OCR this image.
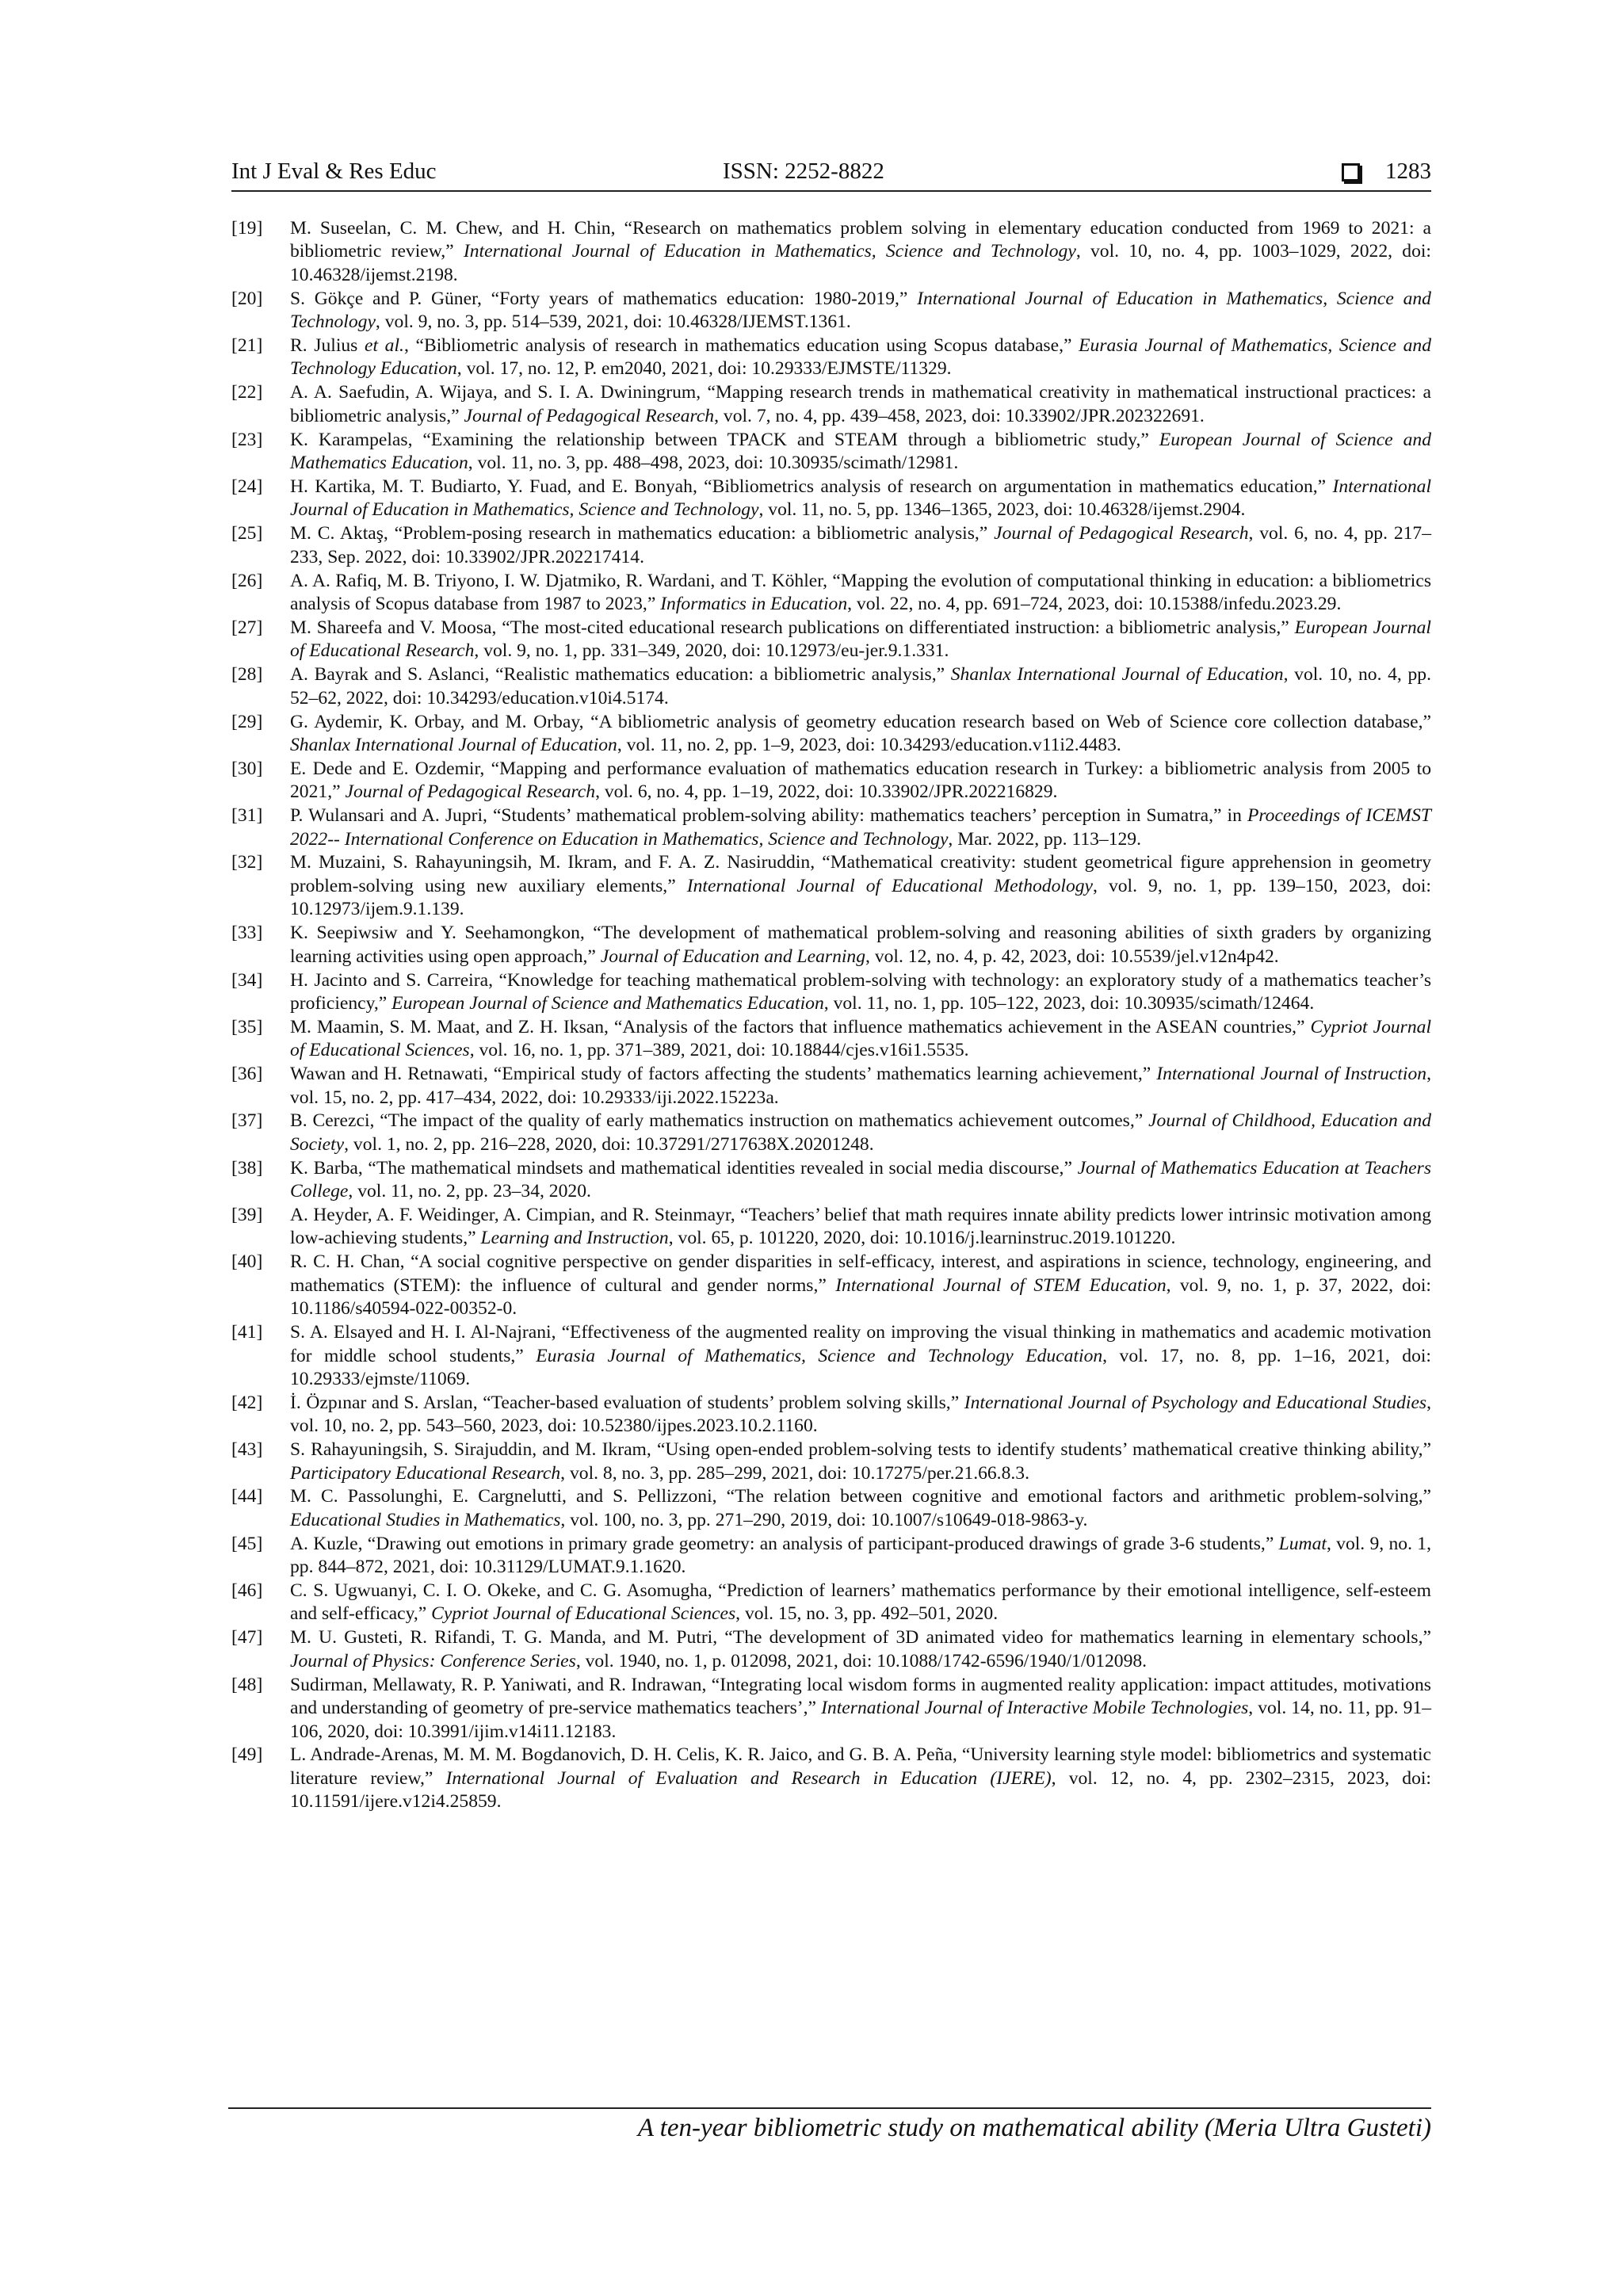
Int J Eval & Res Educ	ISSN: 2252-8822	1283
[19] M. Suseelan, C. M. Chew, and H. Chin, “Research on mathematics problem solving in elementary education conducted from 1969 to 2021: a bibliometric review,” International Journal of Education in Mathematics, Science and Technology, vol. 10, no. 4, pp. 1003–1029, 2022, doi: 10.46328/ijemst.2198.
[20] S. Gökçe and P. Güner, “Forty years of mathematics education: 1980-2019,” International Journal of Education in Mathematics, Science and Technology, vol. 9, no. 3, pp. 514–539, 2021, doi: 10.46328/IJEMST.1361.
[21] R. Julius et al., “Bibliometric analysis of research in mathematics education using Scopus database,” Eurasia Journal of Mathematics, Science and Technology Education, vol. 17, no. 12, P. em2040, 2021, doi: 10.29333/EJMSTE/11329.
[22] A. A. Saefudin, A. Wijaya, and S. I. A. Dwiningrum, “Mapping research trends in mathematical creativity in mathematical instructional practices: a bibliometric analysis,” Journal of Pedagogical Research, vol. 7, no. 4, pp. 439–458, 2023, doi: 10.33902/JPR.202322691.
[23] K. Karampelas, “Examining the relationship between TPACK and STEAM through a bibliometric study,” European Journal of Science and Mathematics Education, vol. 11, no. 3, pp. 488–498, 2023, doi: 10.30935/scimath/12981.
[24] H. Kartika, M. T. Budiarto, Y. Fuad, and E. Bonyah, “Bibliometrics analysis of research on argumentation in mathematics education,” International Journal of Education in Mathematics, Science and Technology, vol. 11, no. 5, pp. 1346–1365, 2023, doi: 10.46328/ijemst.2904.
[25] M. C. Aktaş, “Problem-posing research in mathematics education: a bibliometric analysis,” Journal of Pedagogical Research, vol. 6, no. 4, pp. 217–233, Sep. 2022, doi: 10.33902/JPR.202217414.
[26] A. A. Rafiq, M. B. Triyono, I. W. Djatmiko, R. Wardani, and T. Köhler, “Mapping the evolution of computational thinking in education: a bibliometrics analysis of Scopus database from 1987 to 2023,” Informatics in Education, vol. 22, no. 4, pp. 691–724, 2023, doi: 10.15388/infedu.2023.29.
[27] M. Shareefa and V. Moosa, “The most-cited educational research publications on differentiated instruction: a bibliometric analysis,” European Journal of Educational Research, vol. 9, no. 1, pp. 331–349, 2020, doi: 10.12973/eu-jer.9.1.331.
[28] A. Bayrak and S. Aslanci, “Realistic mathematics education: a bibliometric analysis,” Shanlax International Journal of Education, vol. 10, no. 4, pp. 52–62, 2022, doi: 10.34293/education.v10i4.5174.
[29] G. Aydemir, K. Orbay, and M. Orbay, “A bibliometric analysis of geometry education research based on Web of Science core collection database,” Shanlax International Journal of Education, vol. 11, no. 2, pp. 1–9, 2023, doi: 10.34293/education.v11i2.4483.
[30] E. Dede and E. Ozdemir, “Mapping and performance evaluation of mathematics education research in Turkey: a bibliometric analysis from 2005 to 2021,” Journal of Pedagogical Research, vol. 6, no. 4, pp. 1–19, 2022, doi: 10.33902/JPR.202216829.
[31] P. Wulansari and A. Jupri, “Students’ mathematical problem-solving ability: mathematics teachers’ perception in Sumatra,” in Proceedings of ICEMST 2022-- International Conference on Education in Mathematics, Science and Technology, Mar. 2022, pp. 113–129.
[32] M. Muzaini, S. Rahayuningsih, M. Ikram, and F. A. Z. Nasiruddin, “Mathematical creativity: student geometrical figure apprehension in geometry problem-solving using new auxiliary elements,” International Journal of Educational Methodology, vol. 9, no. 1, pp. 139–150, 2023, doi: 10.12973/ijem.9.1.139.
[33] K. Seepiwsiw and Y. Seehamongkon, “The development of mathematical problem-solving and reasoning abilities of sixth graders by organizing learning activities using open approach,” Journal of Education and Learning, vol. 12, no. 4, p. 42, 2023, doi: 10.5539/jel.v12n4p42.
[34] H. Jacinto and S. Carreira, “Knowledge for teaching mathematical problem-solving with technology: an exploratory study of a mathematics teacher’s proficiency,” European Journal of Science and Mathematics Education, vol. 11, no. 1, pp. 105–122, 2023, doi: 10.30935/scimath/12464.
[35] M. Maamin, S. M. Maat, and Z. H. Iksan, “Analysis of the factors that influence mathematics achievement in the ASEAN countries,” Cypriot Journal of Educational Sciences, vol. 16, no. 1, pp. 371–389, 2021, doi: 10.18844/cjes.v16i1.5535.
[36] Wawan and H. Retnawati, “Empirical study of factors affecting the students’ mathematics learning achievement,” International Journal of Instruction, vol. 15, no. 2, pp. 417–434, 2022, doi: 10.29333/iji.2022.15223a.
[37] B. Cerezci, “The impact of the quality of early mathematics instruction on mathematics achievement outcomes,” Journal of Childhood, Education and Society, vol. 1, no. 2, pp. 216–228, 2020, doi: 10.37291/2717638X.20201248.
[38] K. Barba, “The mathematical mindsets and mathematical identities revealed in social media discourse,” Journal of Mathematics Education at Teachers College, vol. 11, no. 2, pp. 23–34, 2020.
[39] A. Heyder, A. F. Weidinger, A. Cimpian, and R. Steinmayr, “Teachers’ belief that math requires innate ability predicts lower intrinsic motivation among low-achieving students,” Learning and Instruction, vol. 65, p. 101220, 2020, doi: 10.1016/j.learninstruc.2019.101220.
[40] R. C. H. Chan, “A social cognitive perspective on gender disparities in self-efficacy, interest, and aspirations in science, technology, engineering, and mathematics (STEM): the influence of cultural and gender norms,” International Journal of STEM Education, vol. 9, no. 1, p. 37, 2022, doi: 10.1186/s40594-022-00352-0.
[41] S. A. Elsayed and H. I. Al-Najrani, “Effectiveness of the augmented reality on improving the visual thinking in mathematics and academic motivation for middle school students,” Eurasia Journal of Mathematics, Science and Technology Education, vol. 17, no. 8, pp. 1–16, 2021, doi: 10.29333/ejmste/11069.
[42] İ. Özpınar and S. Arslan, “Teacher-based evaluation of students’ problem solving skills,” International Journal of Psychology and Educational Studies, vol. 10, no. 2, pp. 543–560, 2023, doi: 10.52380/ijpes.2023.10.2.1160.
[43] S. Rahayuningsih, S. Sirajuddin, and M. Ikram, “Using open-ended problem-solving tests to identify students’ mathematical creative thinking ability,” Participatory Educational Research, vol. 8, no. 3, pp. 285–299, 2021, doi: 10.17275/per.21.66.8.3.
[44] M. C. Passolunghi, E. Cargnelutti, and S. Pellizzoni, “The relation between cognitive and emotional factors and arithmetic problem-solving,” Educational Studies in Mathematics, vol. 100, no. 3, pp. 271–290, 2019, doi: 10.1007/s10649-018-9863-y.
[45] A. Kuzle, “Drawing out emotions in primary grade geometry: an analysis of participant-produced drawings of grade 3-6 students,” Lumat, vol. 9, no. 1, pp. 844–872, 2021, doi: 10.31129/LUMAT.9.1.1620.
[46] C. S. Ugwuanyi, C. I. O. Okeke, and C. G. Asomugha, “Prediction of learners’ mathematics performance by their emotional intelligence, self-esteem and self-efficacy,” Cypriot Journal of Educational Sciences, vol. 15, no. 3, pp. 492–501, 2020.
[47] M. U. Gusteti, R. Rifandi, T. G. Manda, and M. Putri, “The development of 3D animated video for mathematics learning in elementary schools,” Journal of Physics: Conference Series, vol. 1940, no. 1, p. 012098, 2021, doi: 10.1088/1742-6596/1940/1/012098.
[48] Sudirman, Mellawaty, R. P. Yaniwati, and R. Indrawan, “Integrating local wisdom forms in augmented reality application: impact attitudes, motivations and understanding of geometry of pre-service mathematics teachers’,” International Journal of Interactive Mobile Technologies, vol. 14, no. 11, pp. 91–106, 2020, doi: 10.3991/ijim.v14i11.12183.
[49] L. Andrade-Arenas, M. M. M. Bogdanovich, D. H. Celis, K. R. Jaico, and G. B. A. Peña, “University learning style model: bibliometrics and systematic literature review,” International Journal of Evaluation and Research in Education (IJERE), vol. 12, no. 4, pp. 2302–2315, 2023, doi: 10.11591/ijere.v12i4.25859.
A ten-year bibliometric study on mathematical ability (Meria Ultra Gusteti)
